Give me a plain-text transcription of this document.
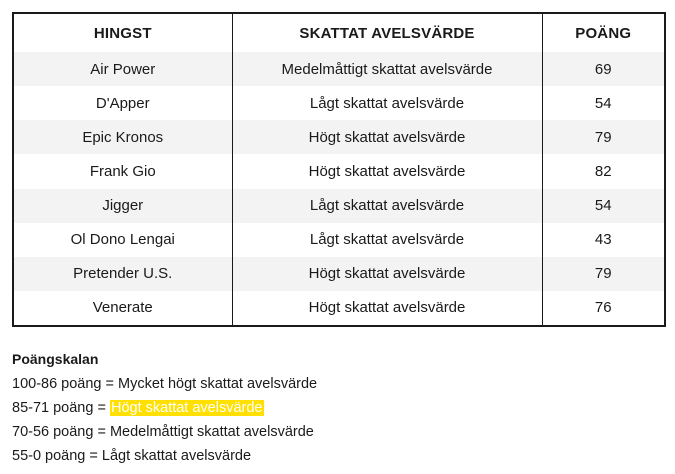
HINGST	SKATTAT AVELSVÄRDE	POÄNG
Air Power	Medelmåttigt skattat avelsvärde	69
D'Apper	Lågt skattat avelsvärde	54
Epic Kronos	Högt skattat avelsvärde	79
Frank Gio	Högt skattat avelsvärde	82
Jigger	Lågt skattat avelsvärde	54
Ol Dono Lengai	Lågt skattat avelsvärde	43
Pretender U.S.	Högt skattat avelsvärde	79
Venerate	Högt skattat avelsvärde	76
Poängskalan
100-86 poäng = Mycket högt skattat avelsvärde
85-71 poäng = Högt skattat avelsvärde
70-56 poäng = Medelmåttigt skattat avelsvärde
55-0 poäng = Lågt skattat avelsvärde
